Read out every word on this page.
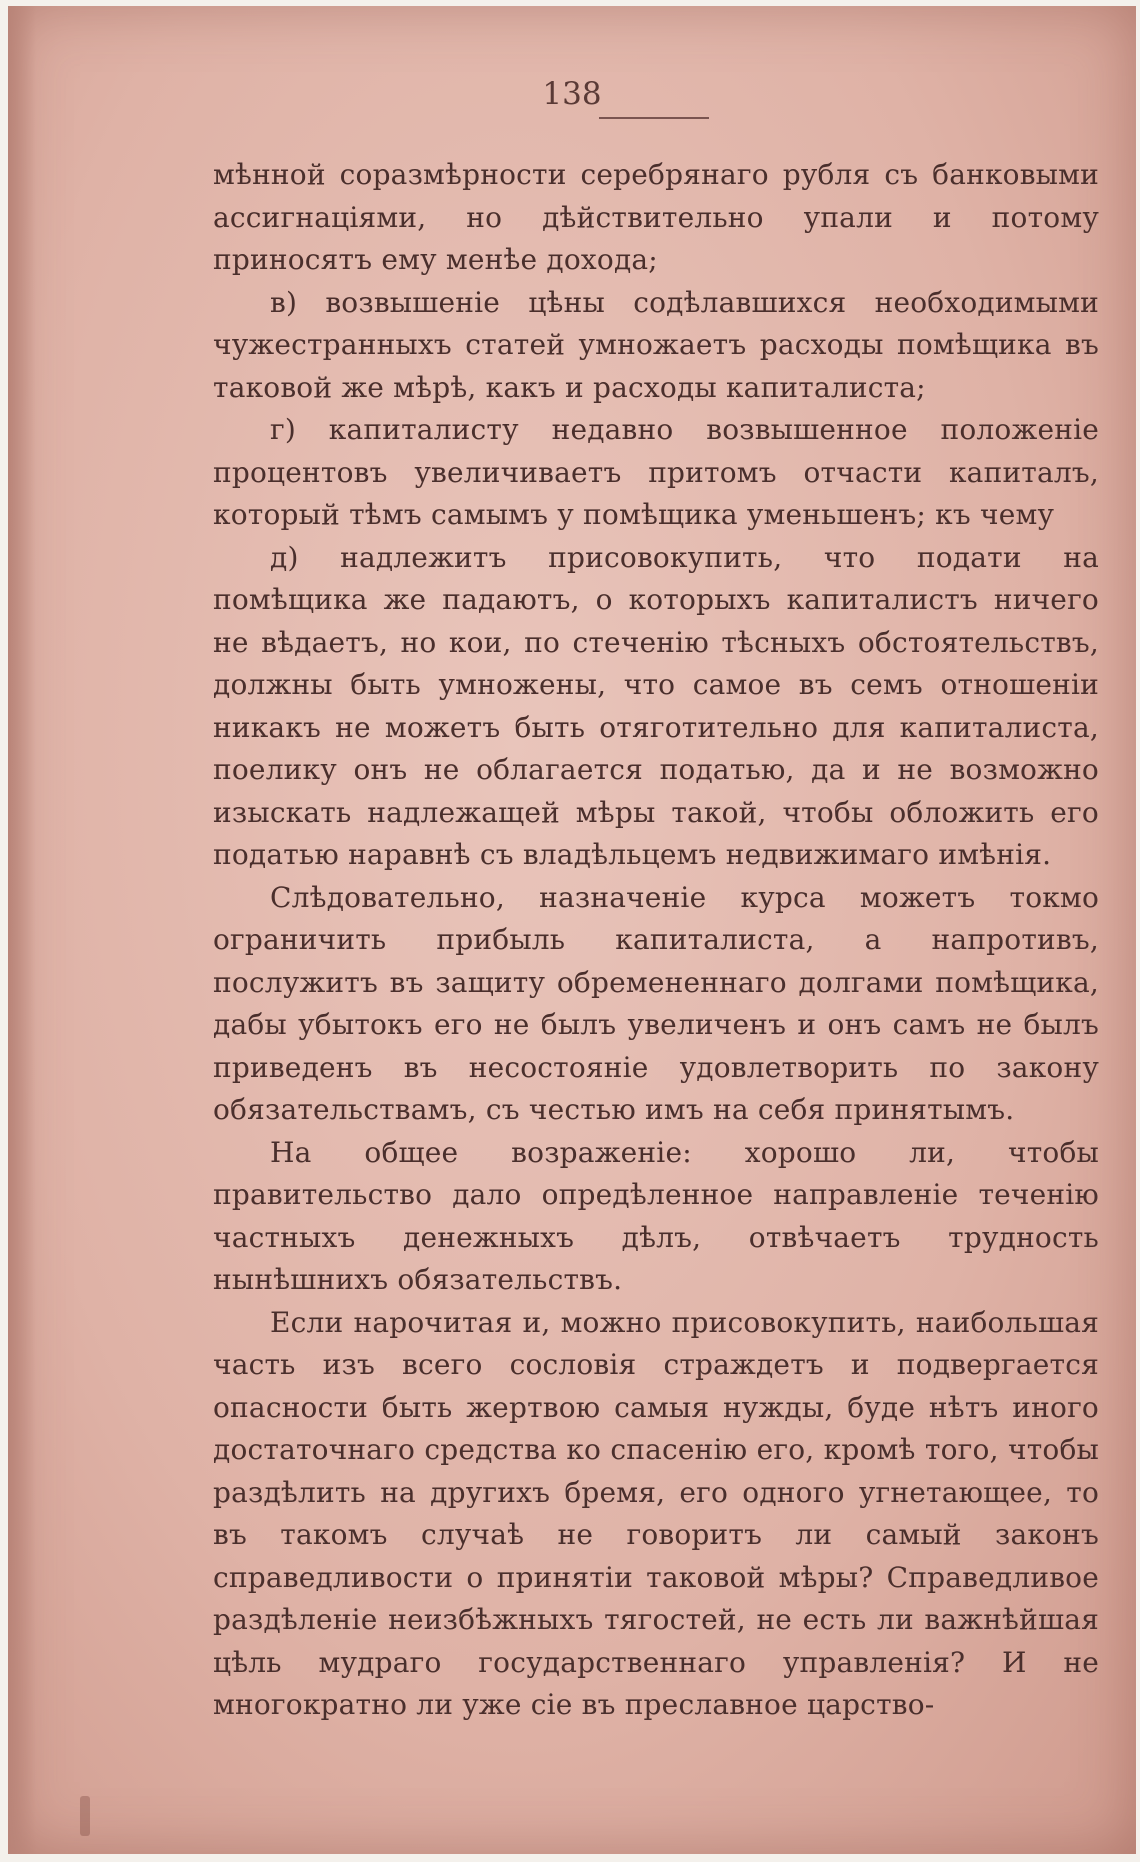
138

мѣнной соразмѣрности серебрянаго рубля съ банковыми ассигнаціями, но дѣйствительно упали и потому приносятъ ему менѣе дохода;

в) возвышеніе цѣны содѣлавшихся необходимыми чужестранныхъ статей умножаетъ расходы помѣщика въ таковой же мѣрѣ, какъ и расходы капиталиста;

г) капиталисту недавно возвышенное положеніе процентовъ увеличиваетъ притомъ отчасти капиталъ, который тѣмъ самымъ у помѣщика уменьшенъ; къ чему

д) надлежитъ присовокупить, что подати на помѣщика же падаютъ, о которыхъ капиталистъ ничего не вѣдаетъ, но кои, по стеченію тѣсныхъ обстоятельствъ, должны быть умножены, что самое въ семъ отношеніи никакъ не можетъ быть отяготительно для капиталиста, поелику онъ не облагается податью, да и не возможно изыскать надлежащей мѣры такой, чтобы обложить его податью наравнѣ съ владѣльцемъ недвижимаго имѣнія.

Слѣдовательно, назначеніе курса можетъ токмо ограничить прибыль капиталиста, а напротивъ, послужитъ въ защиту обремененнаго долгами помѣщика, дабы убытокъ его не былъ увеличенъ и онъ самъ не былъ приведенъ въ несостояніе удовлетворить по закону обязательствамъ, съ честью имъ на себя принятымъ.

На общее возраженіе: хорошо ли, чтобы правительство дало опредѣленное направленіе теченію частныхъ денежныхъ дѣлъ, отвѣчаетъ трудность нынѣшнихъ обязательствъ.

Если нарочитая и, можно присовокупить, наибольшая часть изъ всего сословія страждетъ и подвергается опасности быть жертвою самыя нужды, буде нѣтъ иного достаточнаго средства ко спасенію его, кромѣ того, чтобы раздѣлить на другихъ бремя, его одного угнетающее, то въ такомъ случаѣ не говоритъ ли самый законъ справедливости о принятіи таковой мѣры? Справедливое раздѣленіе неизбѣжныхъ тягостей, не есть ли важнѣйшая цѣль мудраго государственнаго управленія? И не многократно ли уже сіе въ преславное царство-
